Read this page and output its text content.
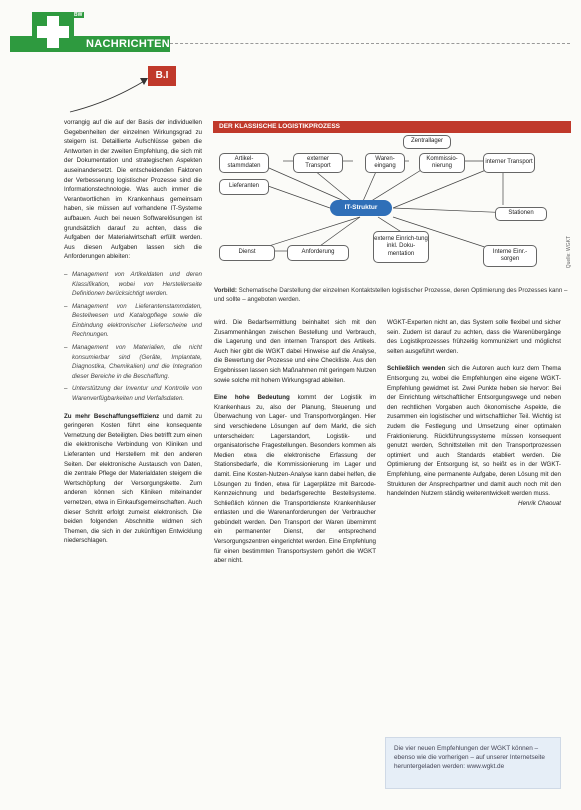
BW
NACHRICHTEN
B.I

vorrangig auf die auf der Basis der individuellen Gegebenheiten der einzelnen Wirkungsgrad zu steigern ist. Detaillierte Aufschlüsse geben die Antworten in der zweiten Empfehlung, die sich mit der Dokumentation und strategischen Aspekten auseinandersetzt. Die entscheidenden Faktoren der Verbesserung logistischer Prozesse sind die Informationstechnologie. Was auch immer die Verantwortlichen im Krankenhaus gemeinsam haben, sie müssen auf vorhandene IT-Systeme aufbauen. Auch bei neuen Softwarelösungen ist grundsätzlich darauf zu achten, dass die Aufgaben der Materialwirtschaft erfüllt werden. Aus diesen Aufgaben lassen sich die Anforderungen ableiten:

– Management von Artikeldaten und deren Klassifikation, wobei von Herstellerseite Definitionen berücksichtigt werden.
– Management von Lieferantenstammdaten, Bestellwesen und Katalogpflege sowie die Einbindung elektronischer Lieferscheine und Rechnungen.
– Management von Materialien, die nicht konsumierbar sind (Geräte, Implantate, Diagnostika, Chemikalien) und die Integration dieser Bereiche in die Beschaffung.
– Unterstützung der Inventur und Kontrolle von Warenverfügbarkeiten und Verfallsdaten.

Zu mehr Beschaffungseffizienz und damit zu geringeren Kosten führt eine konsequente Vernetzung der Beteiligten. Dies betrifft zum einen die elektronische Verbindung von Kliniken und Lieferanten und Herstellern mit den anderen Seiten. Der elektronische Austausch von Daten, die zentrale Pflege der Materialdaten steigern die Wertschöpfung der Versorgungskette. Zum anderen können sich Kliniken miteinander vernetzen, etwa in Einkaufsgemeinschaften. Auch dieser Schritt erfolgt zumeist elektronisch. Die beiden folgenden Abschnitte widmen sich Themen, die sich in der zukünftigen Entwicklung niederschlagen.

DER KLASSISCHE LOGISTIKPROZESS
Zentrallager
Artikel-stammdaten
externer Transport
Waren-eingang
Kommissio-nierung
interner Transport
Lieferanten
Stationen
Dienst	Anforderung
externe Einrich-tung inkl. Doku-mentation	Interne Einr.-sorgen
IT-Struktur
Quelle: WGKT
Vorbild: Schematische Darstellung der einzelnen Kontaktstellen logistischer Prozesse, deren Optimierung des Prozesses kann – und sollte – angeboten werden.

wird. Die Bedarfsermittlung beinhaltet sich mit den Zusammenhängen zwischen Bestellung und Verbrauch, die Lagerung und den internen Transport des Artikels. Auch hier gibt die WGKT dabei Hinweise auf die Analyse, die Bewertung der Prozesse und eine Checkliste. Aus den Ergebnissen lassen sich Maßnahmen mit geringem Nutzen sowie solche mit hohem Wirkungsgrad ableiten.

Eine hohe Bedeutung kommt der Logistik im Krankenhaus zu, also der Planung, Steuerung und Überwachung von Lager- und Transportvorgängen. Hier sind verschiedene Lösungen auf dem Markt, die sich unterscheiden: Lagerstandort, Logistik- und organisatorische Fragestellungen. Besonders kommen als Medien etwa die elektronische Erfassung der Stationsbedarfe, die Kommissionierung im Lager und damit. Eine Kosten-Nutzen-Analyse kann dabei helfen, die Lösungen zu finden, etwa für Lagerplätze mit Barcode-Kennzeichnung und bedarfsgerechte Bestellsysteme. Schließlich können die Transportdienste Krankenhäuser entlasten und die Warenanforderungen der Verbraucher gebündelt werden. Den Transport der Waren übernimmt ein permanenter Dienst, der entsprechend Versorgungszentren eingerichtet werden. Eine Empfehlung für einen bestimmten Transportsystem gehört die WGKT aber nicht.

WGKT-Experten nicht an, das System solle flexibel und sicher sein. Zudem ist darauf zu achten, dass die Warenübergänge des Logistikprozesses frühzeitig kommuniziert und möglichst selten ausgeführt werden.

Schließlich wenden sich die Autoren auch kurz dem Thema Entsorgung zu, wobei die Empfehlungen eine eigene WGKT-Empfehlung gewidmet ist. Zwei Punkte heben sie hervor: Bei der Einrichtung wirtschaftlicher Entsorgungswege und neben den rechtlichen Vorgaben auch ökonomische Aspekte, die zusammen ein logistischer und wirtschaftlicher Teil. Wichtig ist zudem die Festlegung und Umsetzung einer optimalen Fraktionierung. Rückführungssysteme müssen konsequent genutzt werden, Schnittstellen mit den Transportprozessen optimiert und auch Standards etabliert werden. Die Optimierung der Entsorgung ist, so heißt es in der WGKT-Empfehlung, eine permanente Aufgabe, deren Lösung mit den Strukturen der Ansprechpartner und damit auch noch mit den handelnden Nutzern ständig weiterentwickelt werden muss.

Henrik Chaouat

Die vier neuen Empfehlungen der WGKT können – ebenso wie die vorherigen – auf unserer Internetseite heruntergeladen werden: www.wgkt.de
